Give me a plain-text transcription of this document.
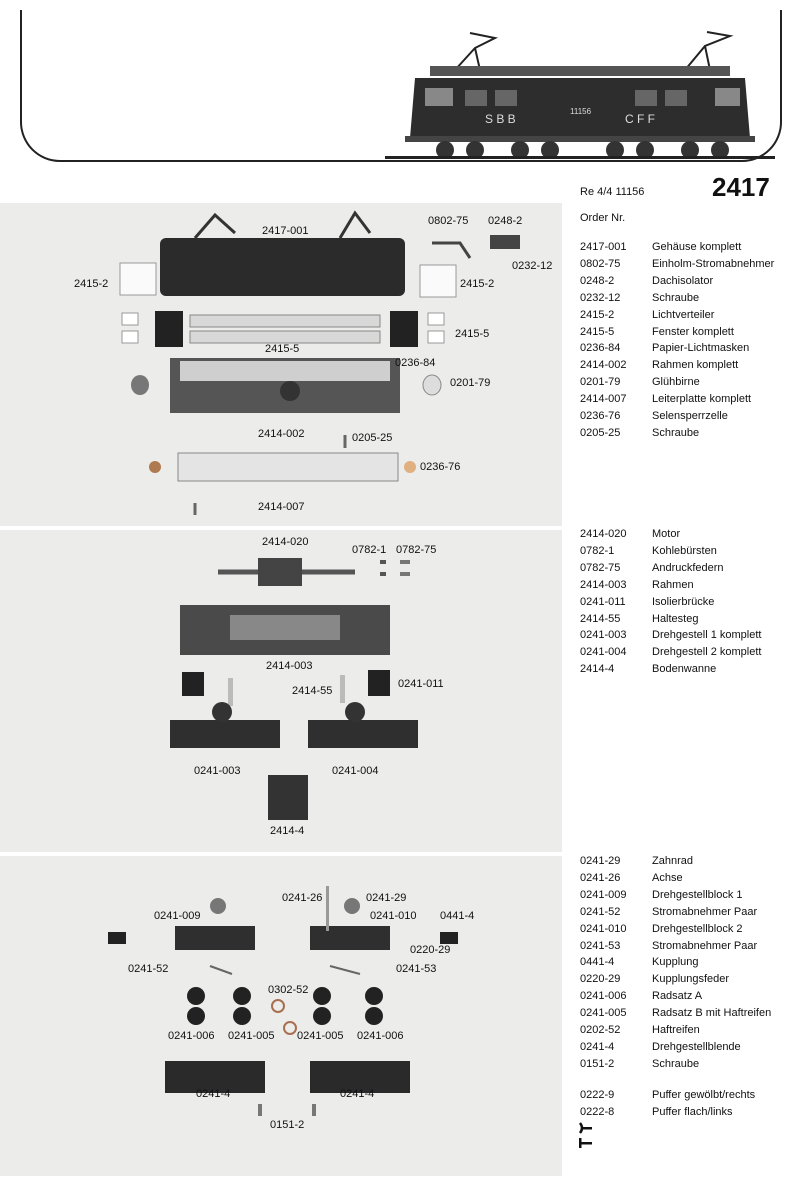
S B B
11156
C F F
Re 4/4 11156	2417
Order Nr.
2417-001
0802-75 0248-2
0232-12
2415-2	2415-2
2415-5
2415-5
0236-84
0201-79
2414-002	0205-25
0236-76
2414-007
2414-020
0782-1 0782-75
2414-003
2414-55
0241-011
0241-003	0241-004
2414-4
0241-26	0241-29
0241-009	0241-010 0441-4
0220-29
0241-52	0241-53
0302-52
0241-006 0241-005 0241-005 0241-006
0241-4	0241-4
0151-2
2417-001	Gehäuse komplett
0802-75	Einholm-Stromabnehmer
0248-2	Dachisolator
0232-12	Schraube
2415-2	Lichtverteiler
2415-5	Fenster komplett
0236-84	Papier-Lichtmasken
2414-002	Rahmen komplett
0201-79	Glühbirne
2414-007	Leiterplatte komplett
0236-76	Selensperrzelle
0205-25	Schraube
2414-020	Motor
0782-1	Kohlebürsten
0782-75	Andruckfedern
2414-003	Rahmen
0241-011	Isolierbrücke
2414-55	Haltesteg
0241-003	Drehgestell 1 komplett
0241-004	Drehgestell 2 komplett
2414-4	Bodenwanne
0241-29	Zahnrad
0241-26	Achse
0241-009	Drehgestellblock 1
0241-52	Stromabnehmer Paar
0241-010	Drehgestellblock 2
0241-53	Stromabnehmer Paar
0441-4	Kupplung
0220-29	Kupplungsfeder
0241-006	Radsatz A
0241-005	Radsatz B mit Haftreifen
0202-52	Haftreifen
0241-4	Drehgestellblende
0151-2	Schraube
0222-9	Puffer gewölbt/rechts
0222-8	Puffer flach/links
